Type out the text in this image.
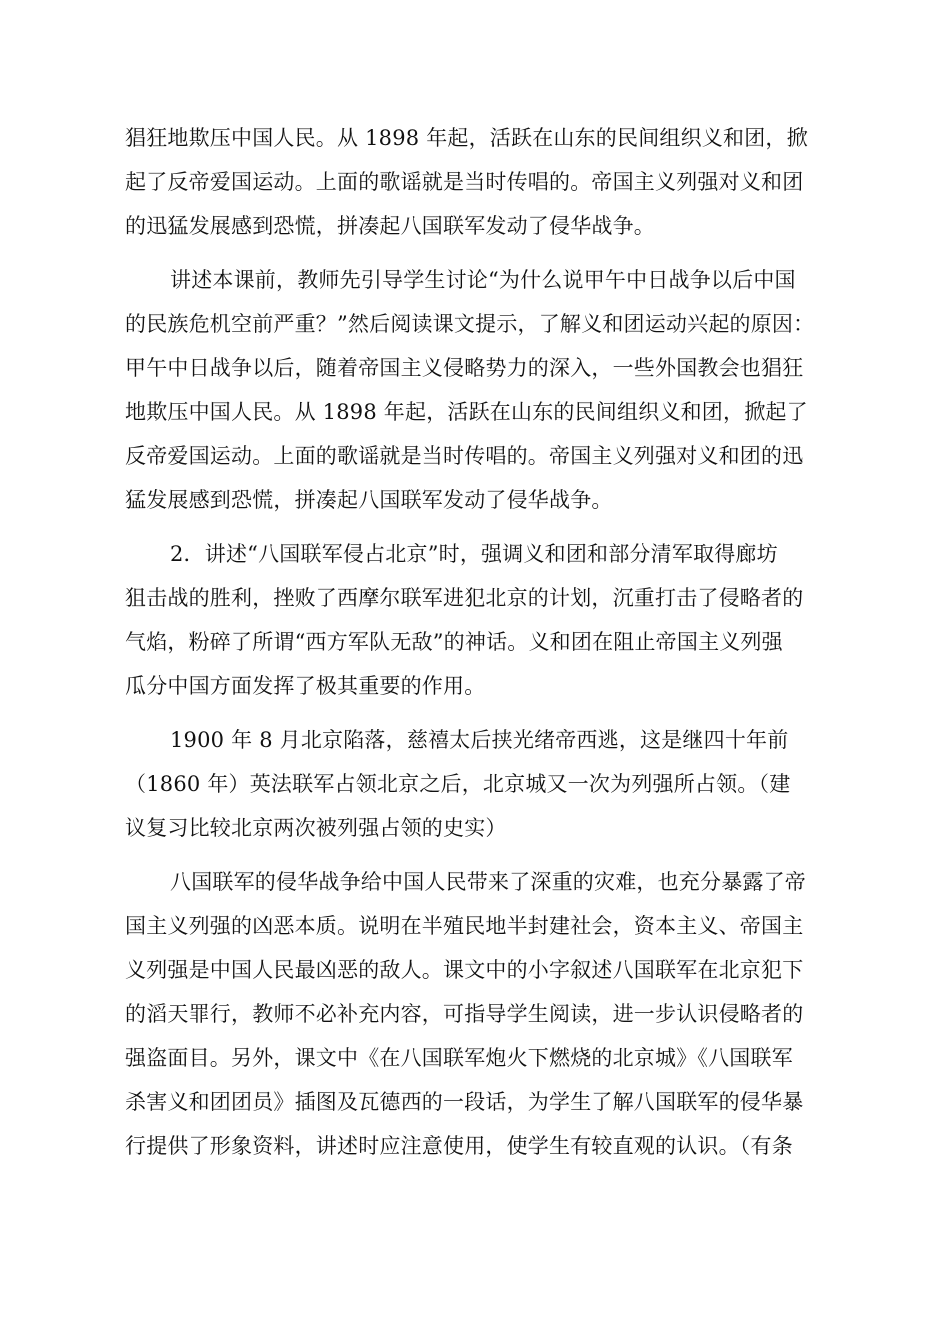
猖狂地欺压中国人民。从 1898 年起，活跃在山东的民间组织义和团，掀
起了反帝爱国运动。上面的歌谣就是当时传唱的。帝国主义列强对义和团
的迅猛发展感到恐慌，拼凑起八国联军发动了侵华战争。
讲述本课前，教师先引导学生讨论“为什么说甲午中日战争以后中国
的民族危机空前严重？”然后阅读课文提示，了解义和团运动兴起的原因：
甲午中日战争以后，随着帝国主义侵略势力的深入，一些外国教会也猖狂
地欺压中国人民。从 1898 年起，活跃在山东的民间组织义和团，掀起了
反帝爱国运动。上面的歌谣就是当时传唱的。帝国主义列强对义和团的迅
猛发展感到恐慌，拼凑起八国联军发动了侵华战争。
2．讲述“八国联军侵占北京”时，强调义和团和部分清军取得廊坊
狙击战的胜利，挫败了西摩尔联军进犯北京的计划，沉重打击了侵略者的
气焰，粉碎了所谓“西方军队无敌”的神话。义和团在阻止帝国主义列强
瓜分中国方面发挥了极其重要的作用。
1900 年 8 月北京陷落，慈禧太后挟光绪帝西逃，这是继四十年前
（1860 年）英法联军占领北京之后，北京城又一次为列强所占领。（建
议复习比较北京两次被列强占领的史实）
八国联军的侵华战争给中国人民带来了深重的灾难，也充分暴露了帝
国主义列强的凶恶本质。说明在半殖民地半封建社会，资本主义、帝国主
义列强是中国人民最凶恶的敌人。课文中的小字叙述八国联军在北京犯下
的滔天罪行，教师不必补充内容，可指导学生阅读，进一步认识侵略者的
强盗面目。另外，课文中《在八国联军炮火下燃烧的北京城》《八国联军
杀害义和团团员》插图及瓦德西的一段话，为学生了解八国联军的侵华暴
行提供了形象资料，讲述时应注意使用，使学生有较直观的认识。（有条
